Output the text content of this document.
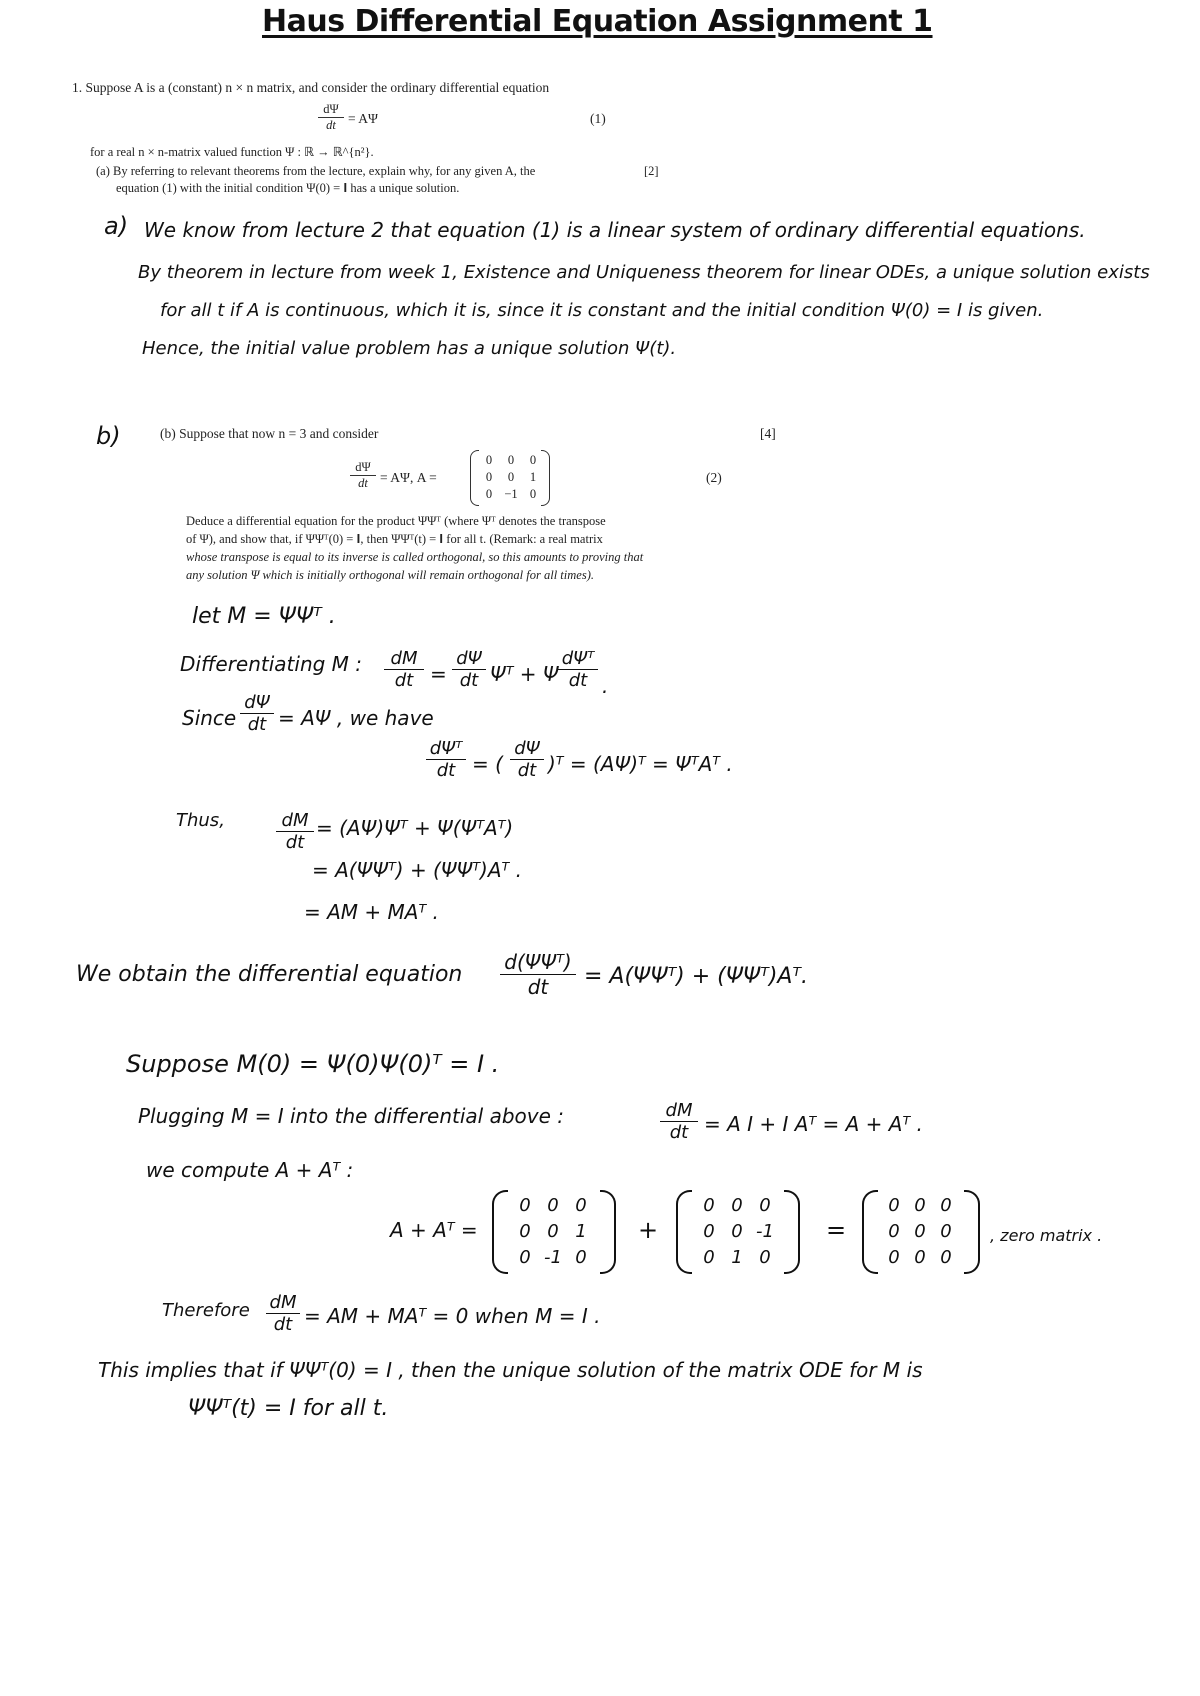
Haus Differential Equation Assignment 1
1. Suppose A is a (constant) n × n matrix, and consider the ordinary differential equation
$\frac{d\Psi}{dt} = A\Psi$	(1)
for a real n × n-matrix valued function Ψ : ℝ → ℝ^{n²}.
(a) By referring to relevant theorems from the lecture, explain why, for any given A, the
equation (1) with the initial condition Ψ(0) = 𝐈 has a unique solution.
[2]
a) We know from lecture 2 that equation (1) is a linear system of ordinary differential equations.
By theorem in lecture from week 1, Existence and Uniqueness theorem for linear ODEs, a unique solution exists
for all t if A is continuous, which it is, since it is constant and the initial condition Ψ(0) = I is given.
Hence, the initial value problem has a unique solution Ψ(t).
b)	(b) Suppose that now n = 3 and consider	[4]
$\frac{d\Psi}{dt} = A\Psi$, A =
0	0	0
0	0	1
0 −1 0
(2)
Deduce a differential equation for the product ΨΨᵀ (where Ψᵀ denotes the transpose
of Ψ), and show that, if ΨΨᵀ(0) = 𝐈, then ΨΨᵀ(t) = 𝐈 for all t. (Remark: a real matrix
whose transpose is equal to its inverse is called orthogonal, so this amounts to proving that
any solution Ψ which is initially orthogonal will remain orthogonal for all times).
let M = ΨΨᵀ .
Differentiating M : $\frac{dM}{dt} = \frac{d\Psi}{dt}$ Ψᵀ + Ψ
dΨᵀ
dt .
Since $\frac{d\Psi}{dt} = A\Psi$ , we have
dΨᵀ
dt = ( $\frac{d\Psi}{dt}$ )ᵀ = (AΨ)ᵀ = ΨᵀAᵀ .
Thus,	$\frac{dM}{dt}$ = (AΨ)Ψᵀ + Ψ(ΨᵀAᵀ)
= A(ΨΨᵀ) + (ΨΨᵀ)Aᵀ .
= AM + MAᵀ .
We obtain the differential equation d(ΨΨᵀ)
dt	= A(ΨΨᵀ) + (ΨΨᵀ)Aᵀ.
Suppose M(0) = Ψ(0)Ψ(0)ᵀ = I .
Plugging M = I into the differential above :	$\frac{dM}{dt} = A$ I + I Aᵀ = A + Aᵀ .
we compute A + Aᵀ :
A + Aᵀ =
0 0 0
0 0 1
0 -1 0
+
0 0 0
0 0 -1
0 1 0
=
0 0 0
0 0 0
0 0 0
, zero matrix .
Therefore $\frac{dM}{dt}$ = AM + MAᵀ = 0 when M = I .
This implies that if ΨΨᵀ(0) = I , then the unique solution of the matrix ODE for M is
ΨΨᵀ(t) = I for all t.
